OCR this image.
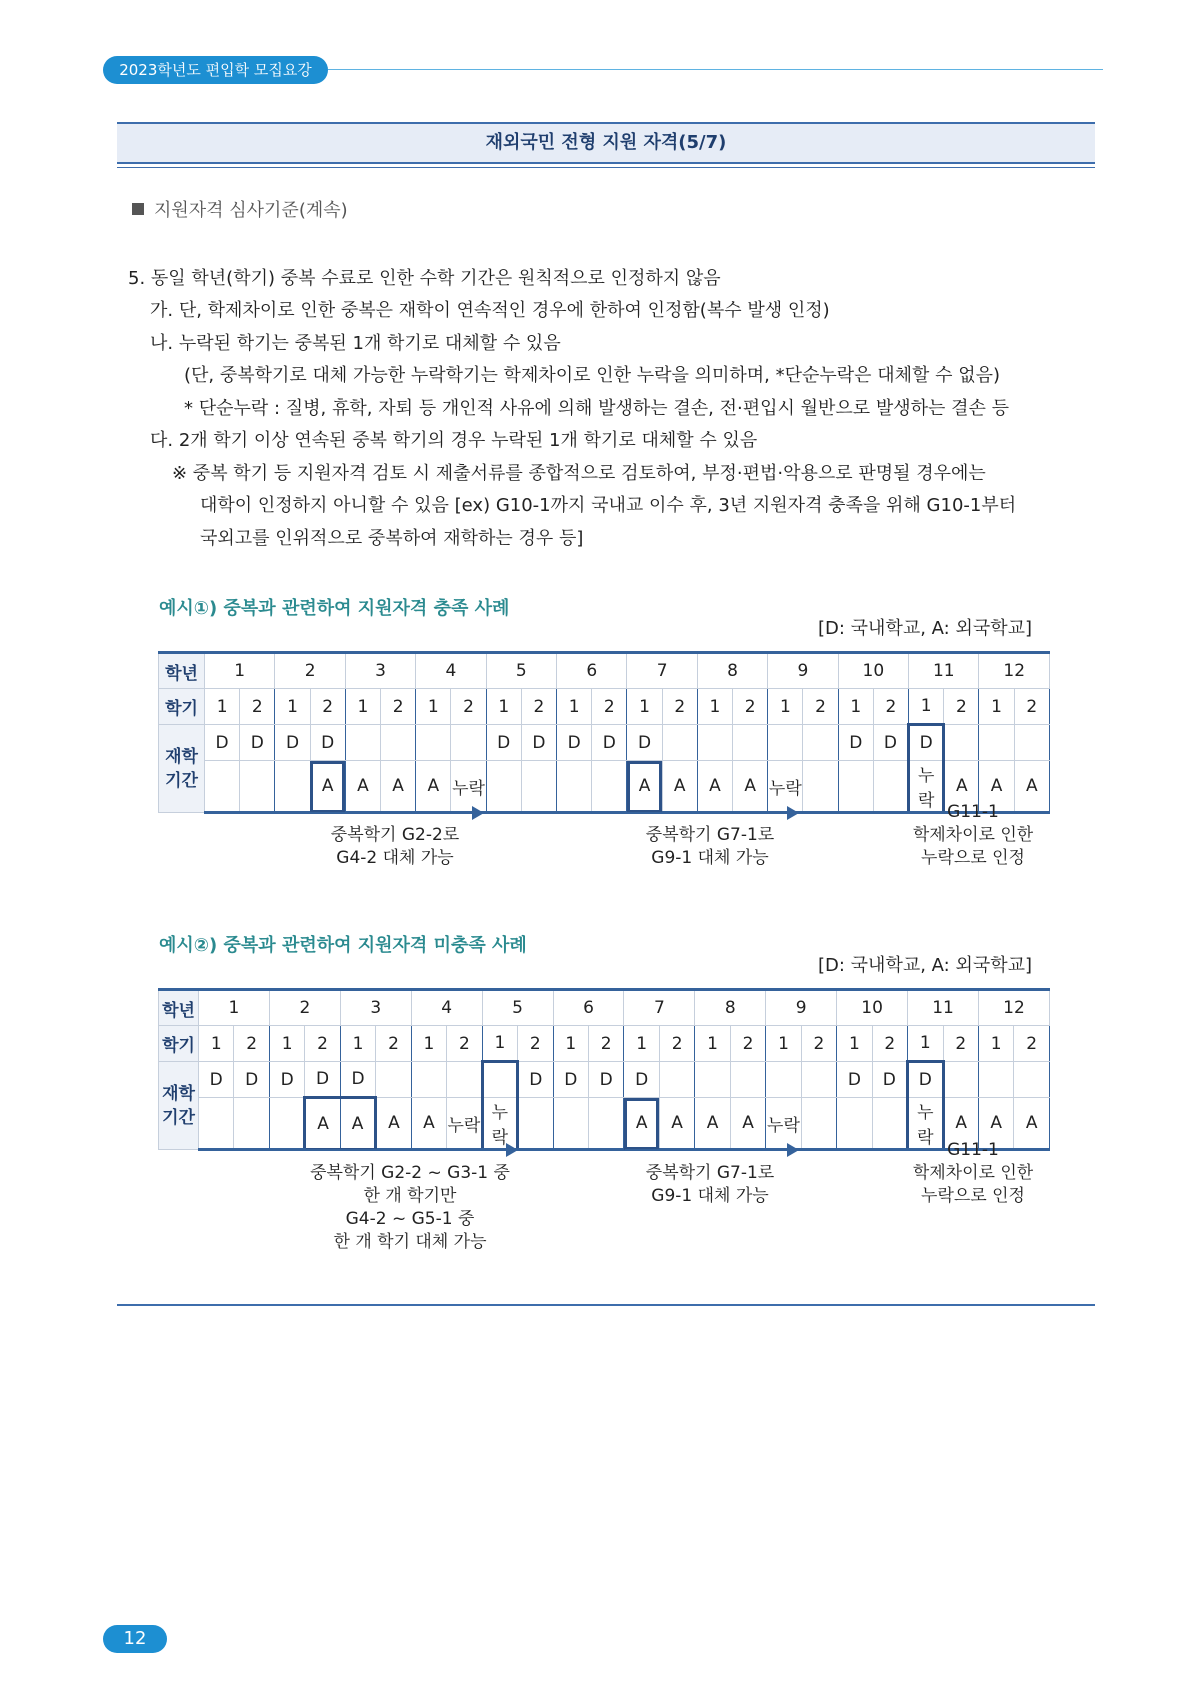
2023학년도 편입학 모집요강
재외국민 전형 지원 자격(5/7)
지원자격 심사기준(계속)
5. 동일 학년(학기) 중복 수료로 인한 수학 기간은 원칙적으로 인정하지 않음
가. 단, 학제차이로 인한 중복은 재학이 연속적인 경우에 한하여 인정함(복수 발생 인정)
나. 누락된 학기는 중복된 1개 학기로 대체할 수 있음
(단, 중복학기로 대체 가능한 누락학기는 학제차이로 인한 누락을 의미하며, *단순누락은 대체할 수 없음)
* 단순누락 : 질병, 휴학, 자퇴 등 개인적 사유에 의해 발생하는 결손, 전·편입시 월반으로 발생하는 결손 등
다. 2개 학기 이상 연속된 중복 학기의 경우 누락된 1개 학기로 대체할 수 있음
※ 중복 학기 등 지원자격 검토 시 제출서류를 종합적으로 검토하여, 부정·편법·악용으로 판명될 경우에는
대학이 인정하지 아니할 수 있음 [ex) G10-1까지 국내교 이수 후, 3년 지원자격 충족을 위해 G10-1부터
국외고를 인위적으로 중복하여 재학하는 경우 등]
예시①) 중복과 관련하여 지원자격 충족 사례
[D: 국내학교, A: 외국학교]
학년	1		2		3		4		5		6		7		8		9		10		11		12	
학기	1	2	1	2	1	2	1	2	1	2	1	2	1	2	1	2	1	2	1	2	1	2	1	2
재학
기간	D	D	D	D					D	D	D	D	D						D	D	D			
				A	A	A	A	누락					A	A	A	A	누락				누락	A	A	A
중복학기 G2-2로
G4-2 대체 가능
중복학기 G7-1로
G9-1 대체 가능
G11-1
학제차이로 인한
누락으로 인정
예시②) 중복과 관련하여 지원자격 미충족 사례
[D: 국내학교, A: 외국학교]
학년	1		2		3		4		5		6		7		8		9		10		11		12	
학기	1	2	1	2	1	2	1	2	1	2	1	2	1	2	1	2	1	2	1	2	1	2	1	2
재학
기간	D	D	D	D	D					D	D	D	D						D	D	D			
				A	A	A	A	누락	누락				A	A	A	A	누락				누락	A	A	A
중복학기 G2-2 ~ G3-1 중
한 개 학기만
G4-2 ~ G5-1 중
한 개 학기 대체 가능
중복학기 G7-1로
G9-1 대체 가능
G11-1
학제차이로 인한
누락으로 인정
12
